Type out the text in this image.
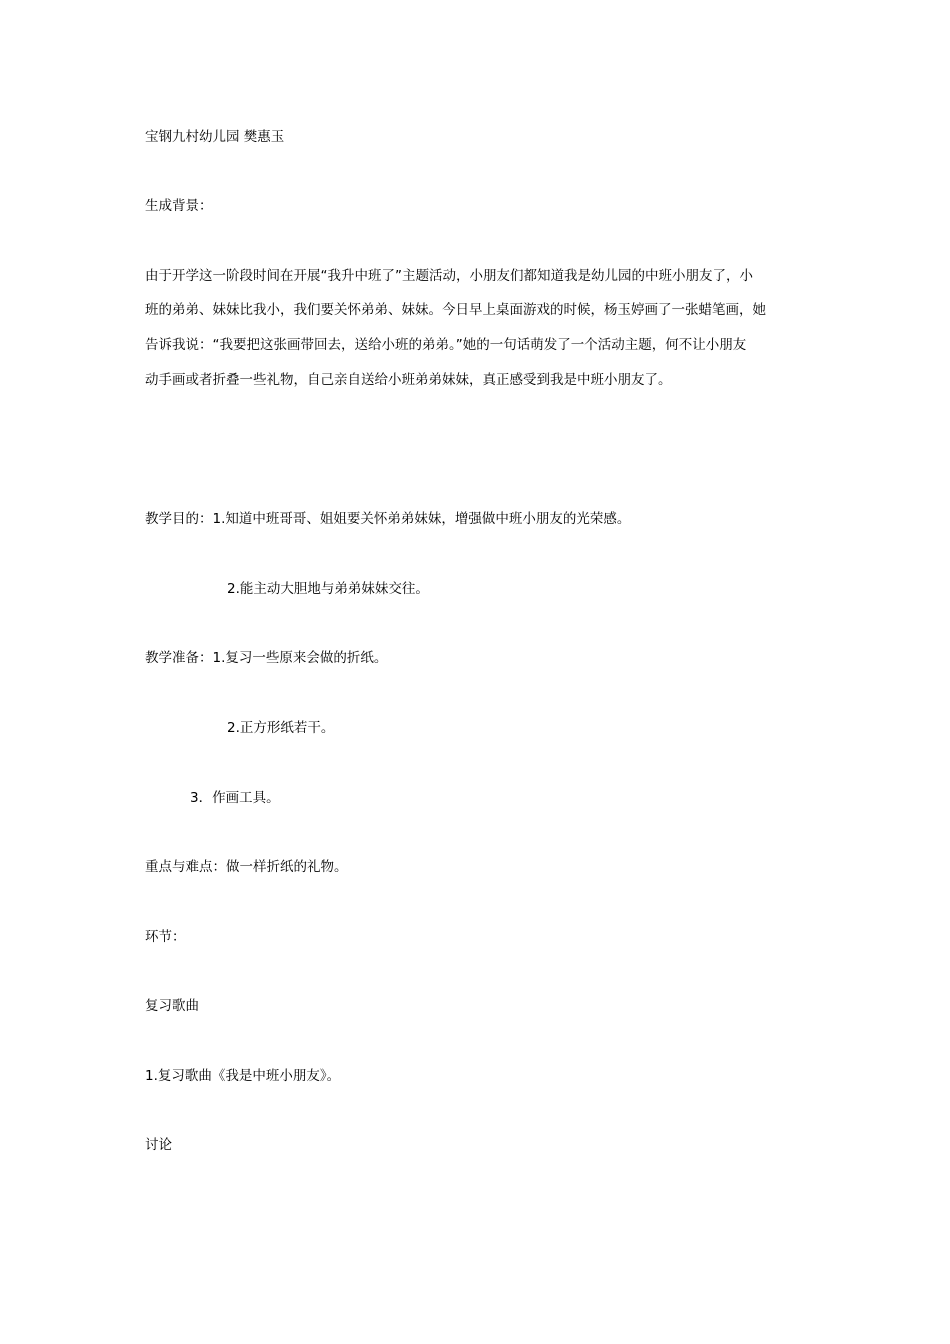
宝钢九村幼儿园 樊惠玉
生成背景：
由于开学这一阶段时间在开展“我升中班了”主题活动，小朋友们都知道我是幼儿园的中班小朋友了，小
班的弟弟、妹妹比我小，我们要关怀弟弟、妹妹。今日早上桌面游戏的时候，杨玉婷画了一张蜡笔画，她
告诉我说：“我要把这张画带回去，送给小班的弟弟。”她的一句话萌发了一个活动主题，何不让小朋友
动手画或者折叠一些礼物，自己亲自送给小班弟弟妹妹，真正感受到我是中班小朋友了。
教学目的：1.知道中班哥哥、姐姐要关怀弟弟妹妹，增强做中班小朋友的光荣感。
2.能主动大胆地与弟弟妹妹交往。
教学准备：1.复习一些原来会做的折纸。
2.正方形纸若干。
3．作画工具。
重点与难点：做一样折纸的礼物。
环节：
复习歌曲
1.复习歌曲《我是中班小朋友》。
讨论
